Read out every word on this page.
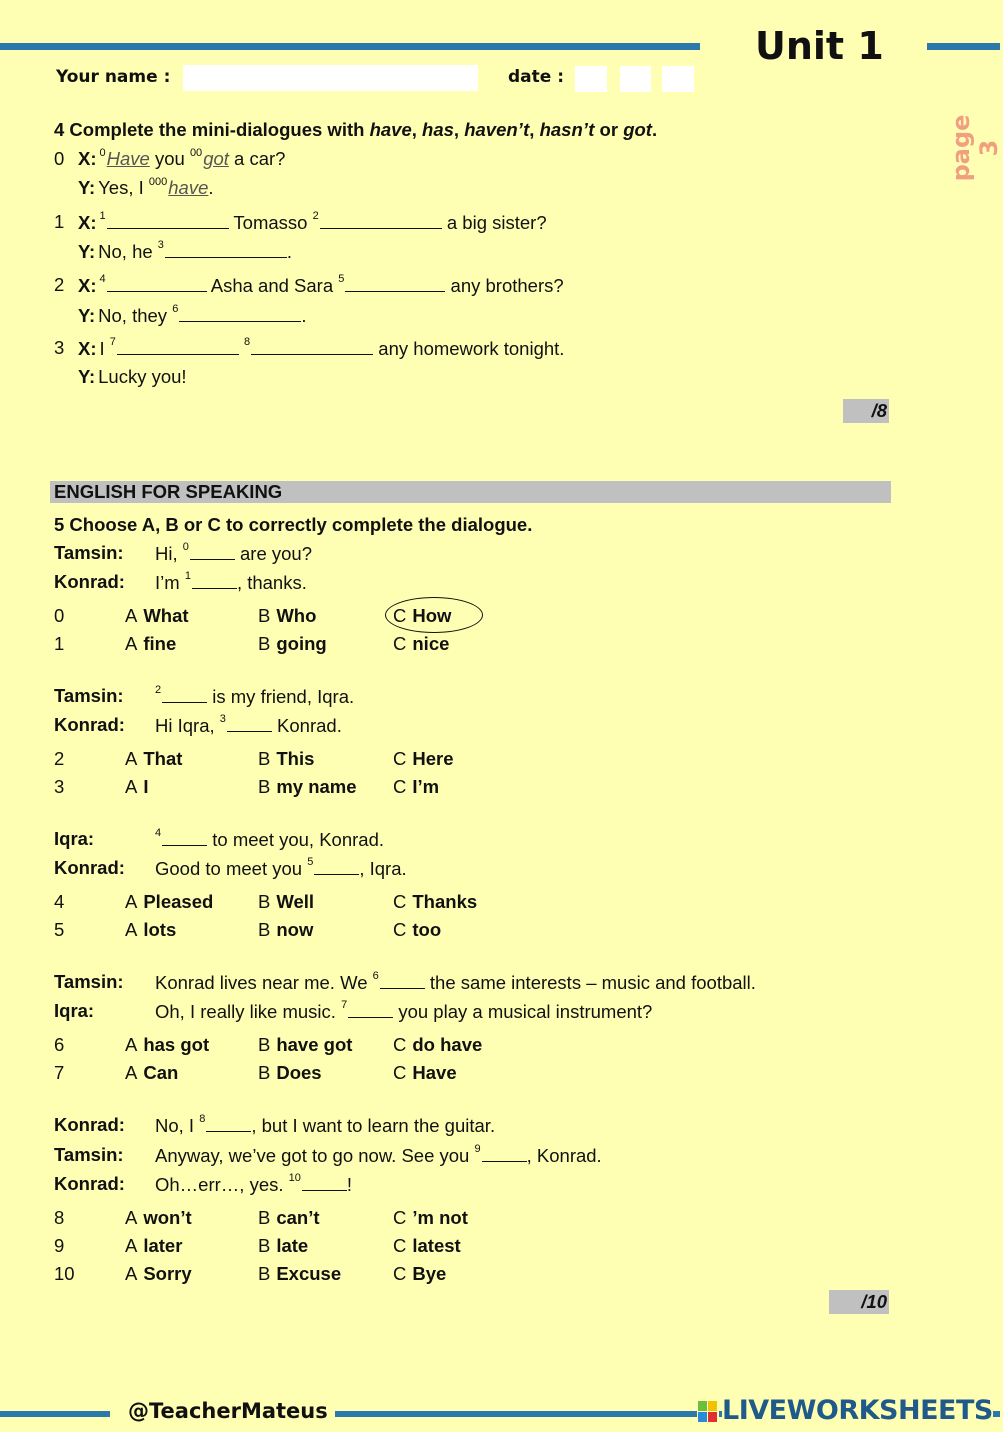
Unit 1
Your name :	date :
page 3
/8
ENGLISH FOR SPEAKING
/10
@TeacherMateus	LIVEWORKSHEETS
4 Complete the mini-dialogues with have, has, haven’t, hasn’t or got.
0 X: $^0$Have you $^{00}$got a car?
Y: Yes, I $^{000}$have.
1 X: $^1$	Tomasso $^2$	a big sister?
Y: No, he $^3$	.
2 X: $^4$	Asha and Sara $^5$	any brothers?
Y: No, they $^6$	.
3 X: I $^7$	$^8$	any homework tonight.
Y: Lucky you!
5 Choose A, B or C to correctly complete the dialogue.
Tamsin: Hi, $^0$ are you?
Konrad: I’m $^1$ , thanks.
0	A What	B Who	C How
1	A fine	B going	C nice
Tamsin:	$^2$ is my friend, Iqra.
Konrad: Hi Iqra, $^3$ Konrad.
2	A That	B This	C Here
3	A I	B my name C I’m
Iqra:	$^4$ to meet you, Konrad.
Konrad: Good to meet you $^5$ , Iqra.
4	A Pleased B Well	C Thanks
5	A lots	B now	C too
Tamsin: Konrad lives near me. We $^6$ the same interests – music and football.
Iqra:	Oh, I really like music. $^7$ you play a musical instrument?
6	A has got	B have got C do have
7	A Can	B Does	C Have
Konrad: No, I $^8$ , but I want to learn the guitar.
Tamsin: Anyway, we’ve got to go now. See you $^9$ , Konrad.
Konrad: Oh…err…, yes. $^{10}$ !
8	A won’t	B can’t	C ’m not
9	A later	B late	C latest
10	A Sorry	B Excuse	C Bye
